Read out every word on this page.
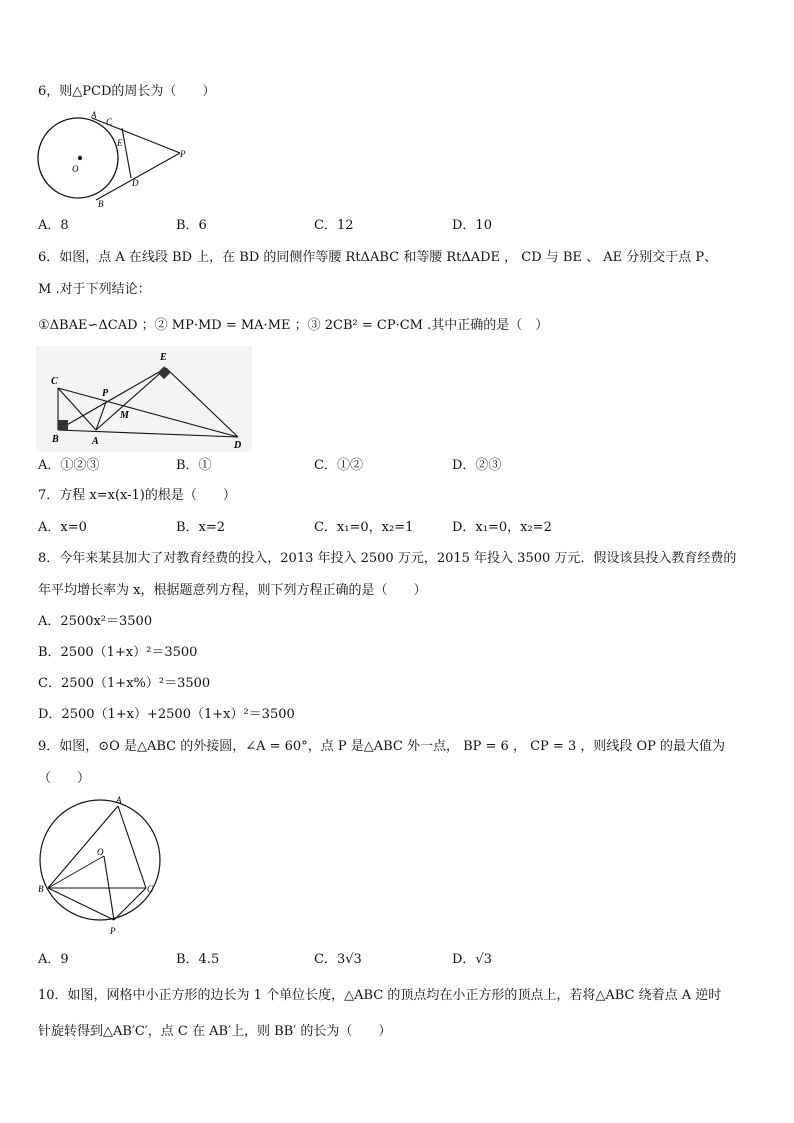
6，则△PCD的周长为（　　）
A
C
E
P
O
D
B
A．8	B．6	C．12	D．10
6．如图，点 A 在线段 BD 上，在 BD 的同侧作等腰 RtΔABC 和等腰 RtΔADE ， CD 与 BE 、 AE 分别交于点 P、
M .对于下列结论：
①ΔBAE∽ΔCAD ；② MP·MD = MA·ME ；③ 2CB² = CP·CM .其中正确的是（　）
E
C
P
M
B	A	D
A．①②③	B．①	C．①②	D．②③
7．方程 x=x(x-1)的根是（　　）
A．x=0	B．x=2	C．x₁=0，x₂=1	D．x₁=0，x₂=2
8．今年来某县加大了对教育经费的投入，2013 年投入 2500 万元，2015 年投入 3500 万元．假设该县投入教育经费的
年平均增长率为 x，根据题意列方程，则下列方程正确的是（　　）
A．2500x²＝3500
B．2500（1+x）²＝3500
C．2500（1+x%）²＝3500
D．2500（1+x）+2500（1+x）²＝3500
9．如图，⊙O 是△ABC 的外接圆，∠A = 60°，点 P 是△ABC 外一点， BP = 6 ， CP = 3 ，则线段 OP 的最大值为
（　　）
A
O
B	C
P
A．9	B．4.5	C．3√3	D．√3
10．如图，网格中小正方形的边长为 1 个单位长度，△ABC 的顶点均在小正方形的顶点上，若将△ABC 绕着点 A 逆时
针旋转得到△AB′C′，点 C 在 AB′上，则 BB′ 的长为（　　）
